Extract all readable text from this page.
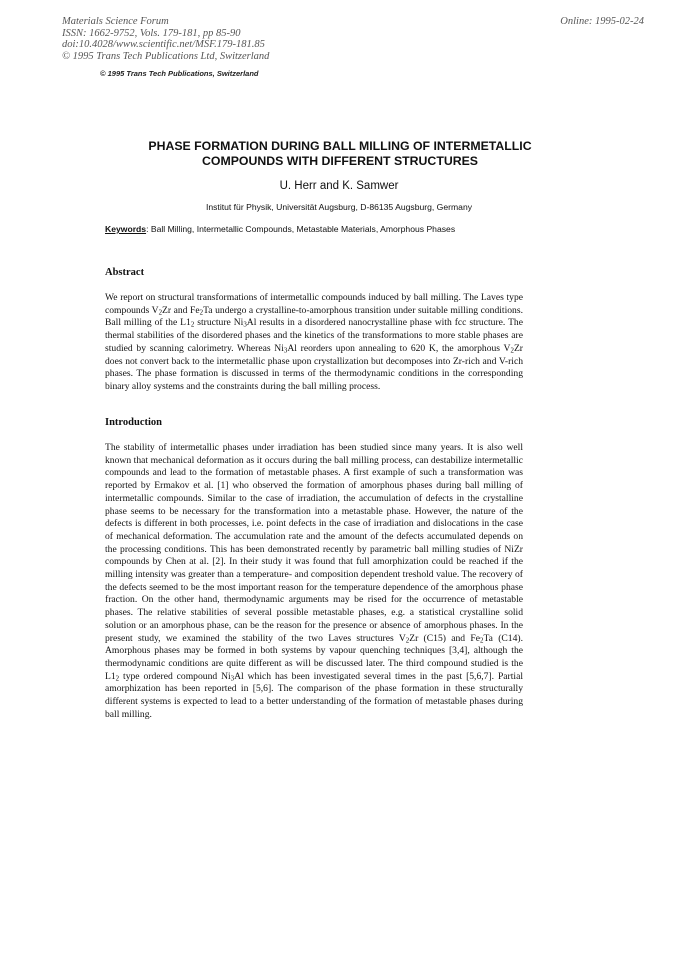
Materials Science Forum
ISSN: 1662-9752, Vols. 179-181, pp 85-90
doi:10.4028/www.scientific.net/MSF.179-181.85
© 1995 Trans Tech Publications Ltd, Switzerland
Online: 1995-02-24
© 1995 Trans Tech Publications, Switzerland
PHASE FORMATION DURING BALL MILLING OF INTERMETALLIC
COMPOUNDS WITH DIFFERENT STRUCTURES
U. Herr and K. Samwer
Institut für Physik, Universität Augsburg, D-86135 Augsburg, Germany
Keywords: Ball Milling, Intermetallic Compounds, Metastable Materials, Amorphous Phases
Abstract
We report on structural transformations of intermetallic compounds induced by ball milling. The Laves type compounds $V_2Zr$ and $Fe_2Ta$ undergo a crystalline-to-amorphous transition under suitable milling conditions. Ball milling of the $L1_2$ structure $Ni_3Al$ results in a disordered nanocrystalline phase with fcc structure. The thermal stabilities of the disordered phases and the kinetics of the transformations to more stable phases are studied by scanning calorimetry. Whereas $Ni_3Al$ reorders upon annealing to 620 K, the amorphous $V_2Zr$ does not convert back to the intermetallic phase upon crystallization but decomposes into Zr-rich and V-rich phases. The phase formation is discussed in terms of the thermodynamic conditions in the corresponding binary alloy systems and the constraints during the ball milling process.
Introduction
The stability of intermetallic phases under irradiation has been studied since many years. It is also well known that mechanical deformation as it occurs during the ball milling process, can destabilize intermetallic compounds and lead to the formation of metastable phases. A first example of such a transformation was reported by Ermakov et al. [1] who observed the formation of amorphous phases during ball milling of intermetallic compounds. Similar to the case of irradiation, the accumulation of defects in the crystalline phase seems to be necessary for the transformation into a metastable phase. However, the nature of the defects is different in both processes, i.e. point defects in the case of irradiation and dislocations in the case of mechanical deformation. The accumulation rate and the amount of the defects accumulated depends on the processing conditions. This has been demonstrated recently by parametric ball milling studies of NiZr compounds by Chen at al. [2]. In their study it was found that full amorphization could be reached if the milling intensity was greater than a temperature- and composition dependent treshold value. The recovery of the defects seemed to be the most important reason for the temperature dependence of the amorphous phase fraction. On the other hand, thermodynamic arguments may be rised for the occurrence of metastable phases. The relative stabilities of several possible metastable phases, e.g. a statistical crystalline solid solution or an amorphous phase, can be the reason for the presence or absence of amorphous phases. In the present study, we examined the stability of the two Laves structures $V_2Zr$ (C15) and $Fe_2Ta$ (C14). Amorphous phases may be formed in both systems by vapour quenching techniques [3,4], although the thermodynamic conditions are quite different as will be discussed later. The third compound studied is the $L1_2$ type ordered compound $Ni_3Al$ which has been investigated several times in the past [5,6,7]. Partial amorphization has been reported in [5,6]. The comparison of the phase formation in these structurally different systems is expected to lead to a better understanding of the formation of metastable phases during ball milling.
